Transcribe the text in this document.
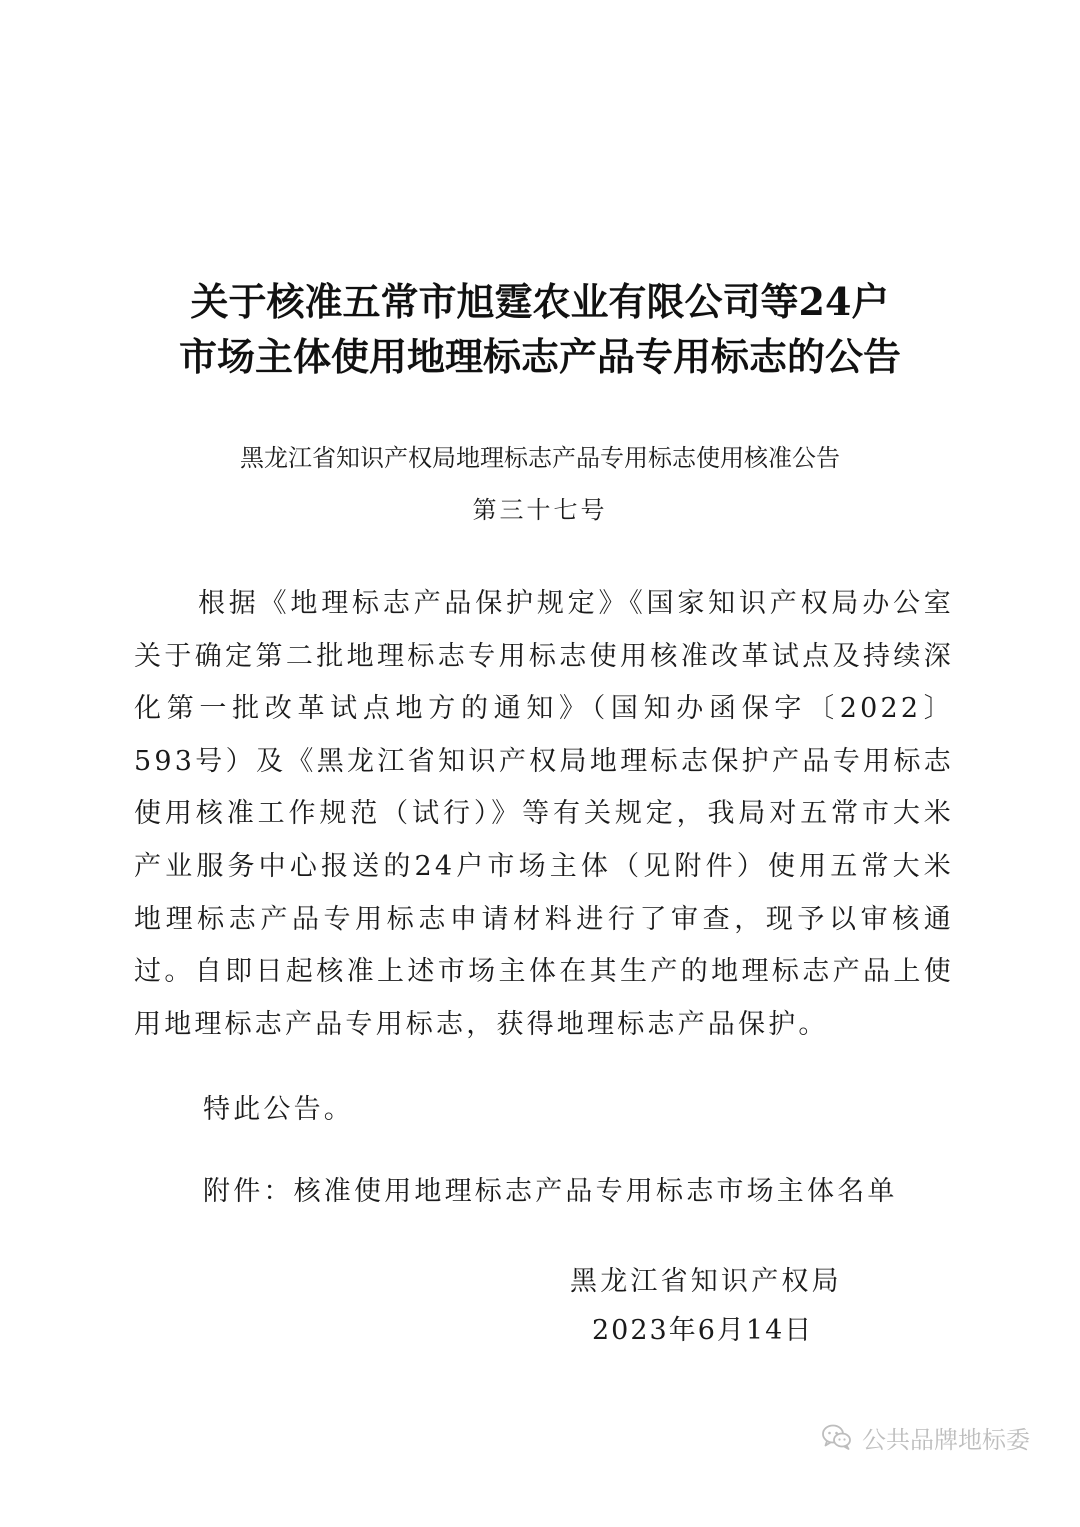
关于核准五常市旭霆农业有限公司等24户
市场主体使用地理标志产品专用标志的公告
黑龙江省知识产权局地理标志产品专用标志使用核准公告
第三十七号

根据《地理标志产品保护规定》《国家知识产权局办公室关于确定第二批地理标志专用标志使用核准改革试点及持续深化第一批改革试点地方的通知》（国知办函保字〔2022〕593号）及《黑龙江省知识产权局地理标志保护产品专用标志使用核准工作规范（试行）》等有关规定，我局对五常市大米产业服务中心报送的24户市场主体（见附件）使用五常大米地理标志产品专用标志申请材料进行了审查，现予以审核通过。自即日起核准上述市场主体在其生产的地理标志产品上使用地理标志产品专用标志，获得地理标志产品保护。

特此公告。
附件：核准使用地理标志产品专用标志市场主体名单
黑龙江省知识产权局
2023年6月14日
公共品牌地标委
